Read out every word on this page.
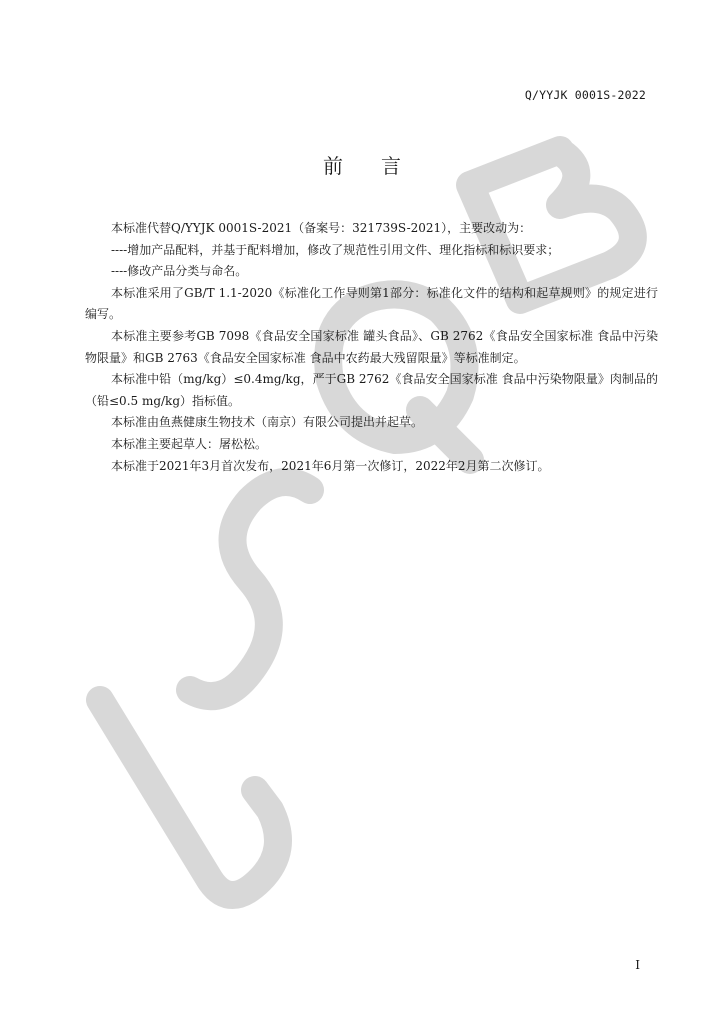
Q/YYJK 0001S-2022
前言

本标准代替Q/YYJK 0001S-2021（备案号：321739S-2021），主要改动为：

----增加产品配料，并基于配料增加，修改了规范性引用文件、理化指标和标识要求；

----修改产品分类与命名。

本标准采用了GB/T 1.1-2020《标准化工作导则第1部分：标准化文件的结构和起草规则》的规定进行编写。

本标准主要参考GB 7098《食品安全国家标准 罐头食品》、GB 2762《食品安全国家标准 食品中污染物限量》和GB 2763《食品安全国家标准 食品中农药最大残留限量》等标准制定。

本标准中铅（mg/kg）≤0.4mg/kg，严于GB 2762《食品安全国家标准 食品中污染物限量》肉制品的（铅≤0.5 mg/kg）指标值。

本标准由鱼燕健康生物技术（南京）有限公司提出并起草。

本标准主要起草人：屠松松。

本标准于2021年3月首次发布，2021年6月第一次修订，2022年2月第二次修订。

I
